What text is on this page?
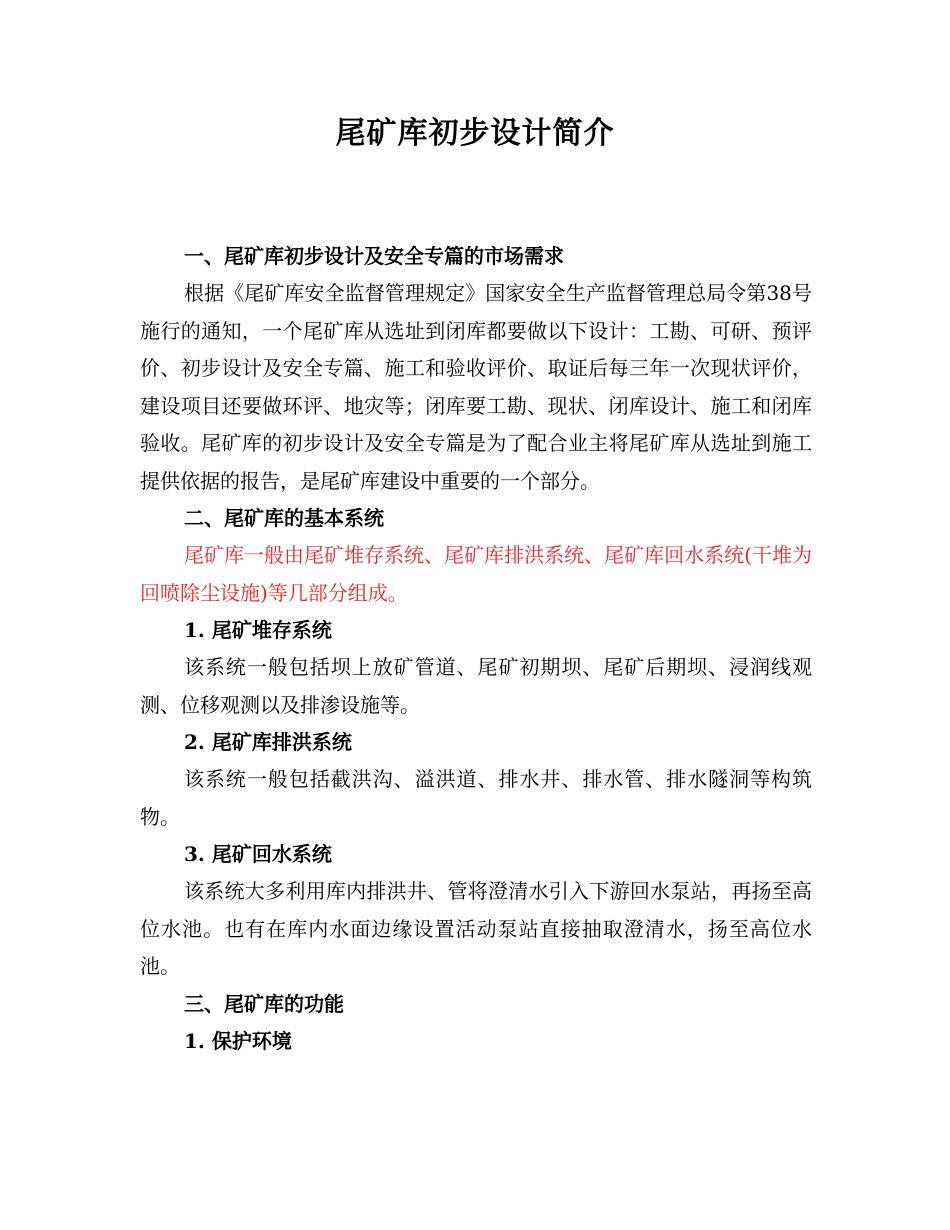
尾矿库初步设计简介

一、尾矿库初步设计及安全专篇的市场需求

根据《尾矿库安全监督管理规定》国家安全生产监督管理总局令第38号施行的通知，一个尾矿库从选址到闭库都要做以下设计：工勘、可研、预评价、初步设计及安全专篇、施工和验收评价、取证后每三年一次现状评价，建设项目还要做环评、地灾等；闭库要工勘、现状、闭库设计、施工和闭库验收。尾矿库的初步设计及安全专篇是为了配合业主将尾矿库从选址到施工提供依据的报告，是尾矿库建设中重要的一个部分。

二、尾矿库的基本系统

尾矿库一般由尾矿堆存系统、尾矿库排洪系统、尾矿库回水系统(干堆为回喷除尘设施)等几部分组成。

1. 尾矿堆存系统

该系统一般包括坝上放矿管道、尾矿初期坝、尾矿后期坝、浸润线观测、位移观测以及排渗设施等。

2. 尾矿库排洪系统

该系统一般包括截洪沟、溢洪道、排水井、排水管、排水隧洞等构筑物。

3. 尾矿回水系统

该系统大多利用库内排洪井、管将澄清水引入下游回水泵站，再扬至高位水池。也有在库内水面边缘设置活动泵站直接抽取澄清水，扬至高位水池。

三、尾矿库的功能

1. 保护环境
